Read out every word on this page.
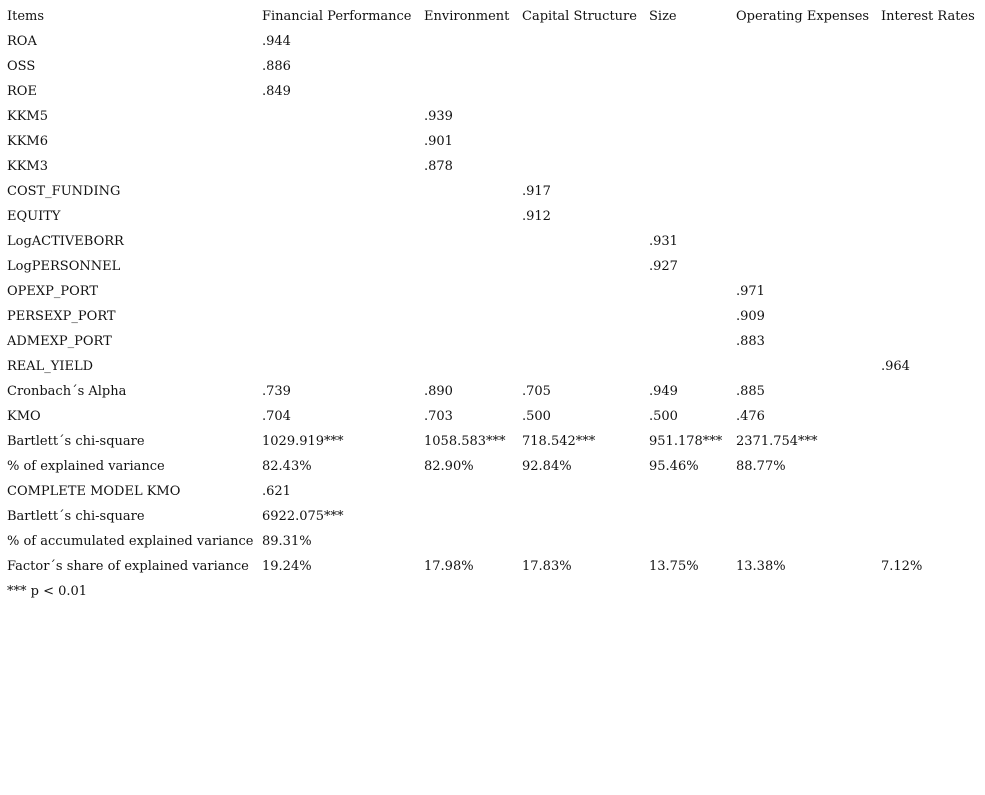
Items	Financial Performance	Environment	Capital Structure	Size	Operating Expenses	Interest Rates
ROA	.944					
OSS	.886					
ROE	.849					
KKM5		.939				
KKM6		.901				
KKM3		.878				
COST_FUNDING			.917			
EQUITY			.912			
LogACTIVEBORR				.931		
LogPERSONNEL				.927		
OPEXP_PORT					.971	
PERSEXP_PORT					.909	
ADMEXP_PORT					.883	
REAL_YIELD						.964
Cronbach´s Alpha	.739	.890	.705	.949	.885	
KMO	.704	.703	.500	.500	.476	
Bartlett´s chi-square	1029.919***	1058.583***	718.542***	951.178***	2371.754***	
% of explained variance	82.43%	82.90%	92.84%	95.46%	88.77%	
COMPLETE MODEL KMO	.621					
Bartlett´s chi-square	6922.075***					
% of accumulated explained variance	89.31%					
Factor´s share of explained variance	19.24%	17.98%	17.83%	13.75%	13.38%	7.12%
*** p < 0.01
